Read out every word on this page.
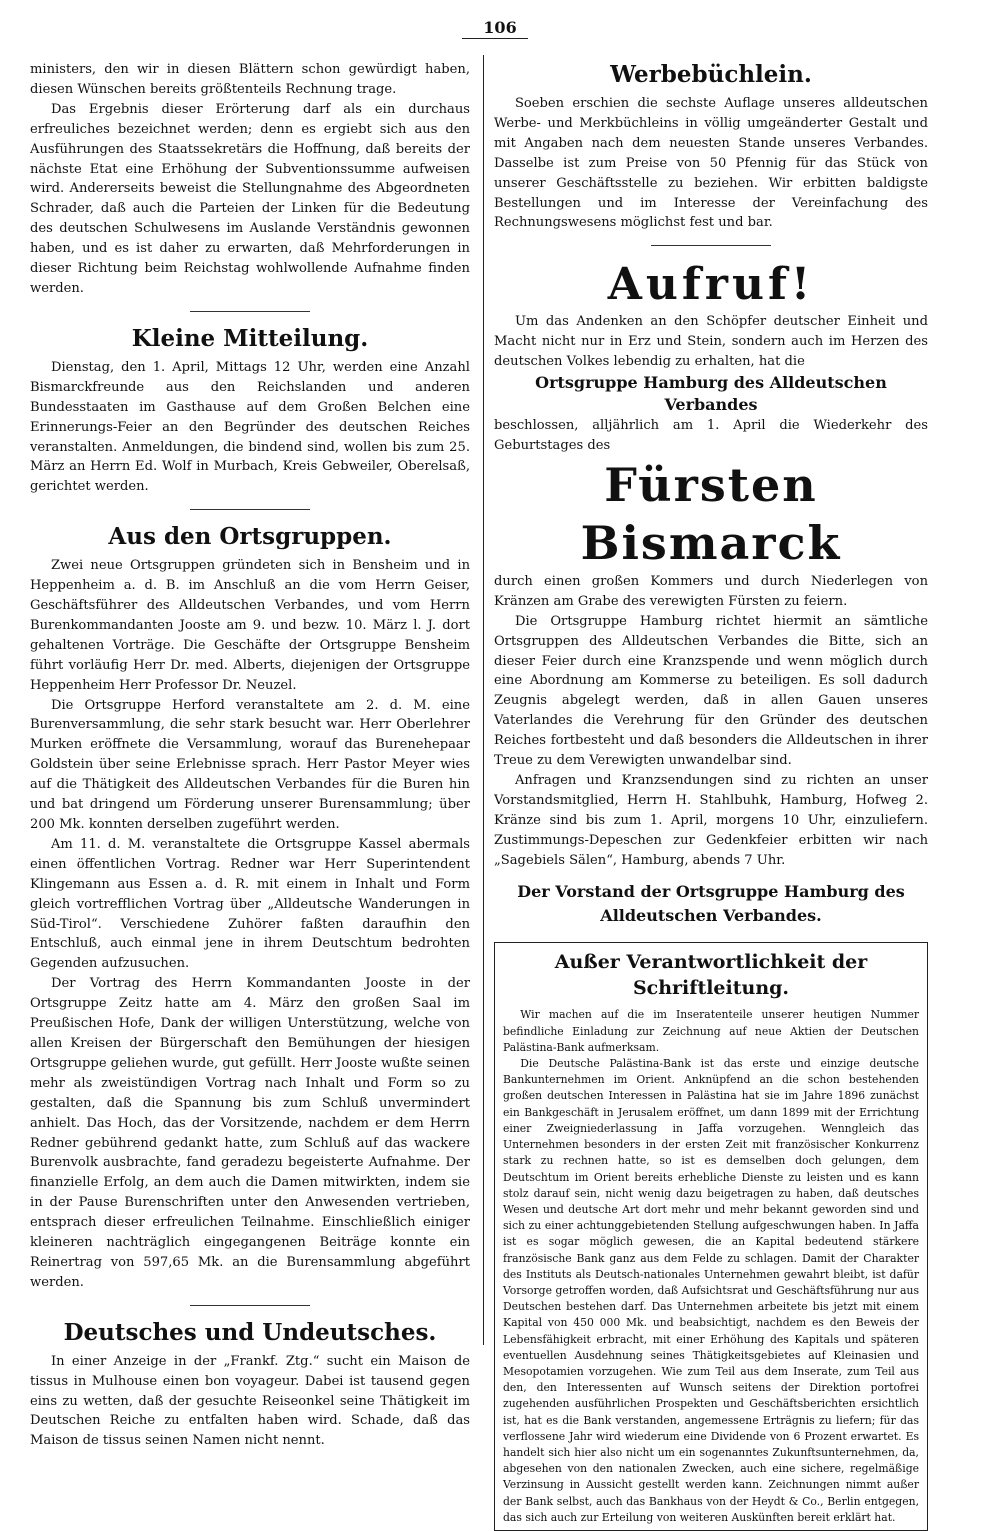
106

ministers, den wir in diesen Blättern schon gewürdigt haben, diesen Wünschen bereits größtenteils Rechnung trage.

Das Ergebnis dieser Erörterung darf als ein durchaus erfreuliches bezeichnet werden; denn es ergiebt sich aus den Ausführungen des Staatssekretärs die Hoffnung, daß bereits der nächste Etat eine Erhöhung der Subventionssumme aufweisen wird. Andererseits beweist die Stellungnahme des Abgeordneten Schrader, daß auch die Parteien der Linken für die Bedeutung des deutschen Schulwesens im Auslande Verständnis gewonnen haben, und es ist daher zu erwarten, daß Mehrforderungen in dieser Richtung beim Reichstag wohlwollende Aufnahme finden werden.

Kleine Mitteilung.

Dienstag, den 1. April, Mittags 12 Uhr, werden eine Anzahl Bismarckfreunde aus den Reichslanden und anderen Bundesstaaten im Gasthause auf dem Großen Belchen eine Erinnerungs-Feier an den Begründer des deutschen Reiches veranstalten. Anmeldungen, die bindend sind, wollen bis zum 25. März an Herrn Ed. Wolf in Murbach, Kreis Gebweiler, Oberelsaß, gerichtet werden.

Aus den Ortsgruppen.

Zwei neue Ortsgruppen gründeten sich in Bensheim und in Heppenheim a. d. B. im Anschluß an die vom Herrn Geiser, Geschäftsführer des Alldeutschen Verbandes, und vom Herrn Burenkommandanten Jooste am 9. und bezw. 10. März l. J. dort gehaltenen Vorträge. Die Geschäfte der Ortsgruppe Bensheim führt vorläufig Herr Dr. med. Alberts, diejenigen der Ortsgruppe Heppenheim Herr Professor Dr. Neuzel.

Die Ortsgruppe Herford veranstaltete am 2. d. M. eine Burenversammlung, die sehr stark besucht war. Herr Oberlehrer Murken eröffnete die Versammlung, worauf das Burenehepaar Goldstein über seine Erlebnisse sprach. Herr Pastor Meyer wies auf die Thätigkeit des Alldeutschen Verbandes für die Buren hin und bat dringend um Förderung unserer Burensammlung; über 200 Mk. konnten derselben zugeführt werden.

Am 11. d. M. veranstaltete die Ortsgruppe Kassel abermals einen öffentlichen Vortrag. Redner war Herr Superintendent Klingemann aus Essen a. d. R. mit einem in Inhalt und Form gleich vortrefflichen Vortrag über „Alldeutsche Wanderungen in Süd-Tirol“. Verschiedene Zuhörer faßten daraufhin den Entschluß, auch einmal jene in ihrem Deutschtum bedrohten Gegenden aufzusuchen.

Der Vortrag des Herrn Kommandanten Jooste in der Ortsgruppe Zeitz hatte am 4. März den großen Saal im Preußischen Hofe, Dank der willigen Unterstützung, welche von allen Kreisen der Bürgerschaft den Bemühungen der hiesigen Ortsgruppe geliehen wurde, gut gefüllt. Herr Jooste wußte seinen mehr als zweistündigen Vortrag nach Inhalt und Form so zu gestalten, daß die Spannung bis zum Schluß unvermindert anhielt. Das Hoch, das der Vorsitzende, nachdem er dem Herrn Redner gebührend gedankt hatte, zum Schluß auf das wackere Burenvolk ausbrachte, fand geradezu begeisterte Aufnahme. Der finanzielle Erfolg, an dem auch die Damen mitwirkten, indem sie in der Pause Burenschriften unter den Anwesenden vertrieben, entsprach dieser erfreulichen Teilnahme. Einschließlich einiger kleineren nachträglich eingegangenen Beiträge konnte ein Reinertrag von 597,65 Mk. an die Burensammlung abgeführt werden.

Deutsches und Undeutsches.

In einer Anzeige in der „Frankf. Ztg.“ sucht ein Maison de tissus in Mulhouse einen bon voyageur. Dabei ist tausend gegen eins zu wetten, daß der gesuchte Reiseonkel seine Thätigkeit im Deutschen Reiche zu entfalten haben wird. Schade, daß das Maison de tissus seinen Namen nicht nennt.

Werbebüchlein.

Soeben erschien die sechste Auflage unseres alldeutschen Werbe- und Merkbüchleins in völlig umgeänderter Gestalt und mit Angaben nach dem neuesten Stande unseres Verbandes. Dasselbe ist zum Preise von 50 Pfennig für das Stück von unserer Geschäftsstelle zu beziehen. Wir erbitten baldigste Bestellungen und im Interesse der Vereinfachung des Rechnungswesens möglichst fest und bar.

Aufruf!

Um das Andenken an den Schöpfer deutscher Einheit und Macht nicht nur in Erz und Stein, sondern auch im Herzen des deutschen Volkes lebendig zu erhalten, hat die

Ortsgruppe Hamburg des Alldeutschen Verbandes

beschlossen, alljährlich am 1. April die Wiederkehr des Geburtstages des

Fürsten Bismarck

durch einen großen Kommers und durch Niederlegen von Kränzen am Grabe des verewigten Fürsten zu feiern.

Die Ortsgruppe Hamburg richtet hiermit an sämtliche Ortsgruppen des Alldeutschen Verbandes die Bitte, sich an dieser Feier durch eine Kranzspende und wenn möglich durch eine Abordnung am Kommerse zu beteiligen. Es soll dadurch Zeugnis abgelegt werden, daß in allen Gauen unseres Vaterlandes die Verehrung für den Gründer des deutschen Reiches fortbesteht und daß besonders die Alldeutschen in ihrer Treue zu dem Verewigten unwandelbar sind.

Anfragen und Kranzsendungen sind zu richten an unser Vorstandsmitglied, Herrn H. Stahlbuhk, Hamburg, Hofweg 2. Kränze sind bis zum 1. April, morgens 10 Uhr, einzuliefern. Zustimmungs-Depeschen zur Gedenkfeier erbitten wir nach „Sagebiels Sälen“, Hamburg, abends 7 Uhr.

Der Vorstand der Ortsgruppe Hamburg des Alldeutschen Verbandes.
Außer Verantwortlichkeit der Schriftleitung.

Wir machen auf die im Inseratenteile unserer heutigen Nummer befindliche Einladung zur Zeichnung auf neue Aktien der Deutschen Palästina-Bank aufmerksam.

Die Deutsche Palästina-Bank ist das erste und einzige deutsche Bankunternehmen im Orient. Anknüpfend an die schon bestehenden großen deutschen Interessen in Palästina hat sie im Jahre 1896 zunächst ein Bankgeschäft in Jerusalem eröffnet, um dann 1899 mit der Errichtung einer Zweigniederlassung in Jaffa vorzugehen. Wenngleich das Unternehmen besonders in der ersten Zeit mit französischer Konkurrenz stark zu rechnen hatte, so ist es demselben doch gelungen, dem Deutschtum im Orient bereits erhebliche Dienste zu leisten und es kann stolz darauf sein, nicht wenig dazu beigetragen zu haben, daß deutsches Wesen und deutsche Art dort mehr und mehr bekannt geworden sind und sich zu einer achtunggebietenden Stellung aufgeschwungen haben. In Jaffa ist es sogar möglich gewesen, die an Kapital bedeutend stärkere französische Bank ganz aus dem Felde zu schlagen. Damit der Charakter des Instituts als Deutsch-nationales Unternehmen gewahrt bleibt, ist dafür Vorsorge getroffen worden, daß Aufsichtsrat und Geschäftsführung nur aus Deutschen bestehen darf. Das Unternehmen arbeitete bis jetzt mit einem Kapital von 450 000 Mk. und beabsichtigt, nachdem es den Beweis der Lebensfähigkeit erbracht, mit einer Erhöhung des Kapitals und späteren eventuellen Ausdehnung seines Thätigkeitsgebietes auf Kleinasien und Mesopotamien vorzugehen. Wie zum Teil aus dem Inserate, zum Teil aus den, den Interessenten auf Wunsch seitens der Direktion portofrei zugehenden ausführlichen Prospekten und Geschäftsberichten ersichtlich ist, hat es die Bank verstanden, angemessene Erträgnis zu liefern; für das verflossene Jahr wird wiederum eine Dividende von 6 Prozent erwartet. Es handelt sich hier also nicht um ein sogenanntes Zukunftsunternehmen, da, abgesehen von den nationalen Zwecken, auch eine sichere, regelmäßige Verzinsung in Aussicht gestellt werden kann. Zeichnungen nimmt außer der Bank selbst, auch das Bankhaus von der Heydt & Co., Berlin entgegen, das sich auch zur Erteilung von weiteren Auskünften bereit erklärt hat.
